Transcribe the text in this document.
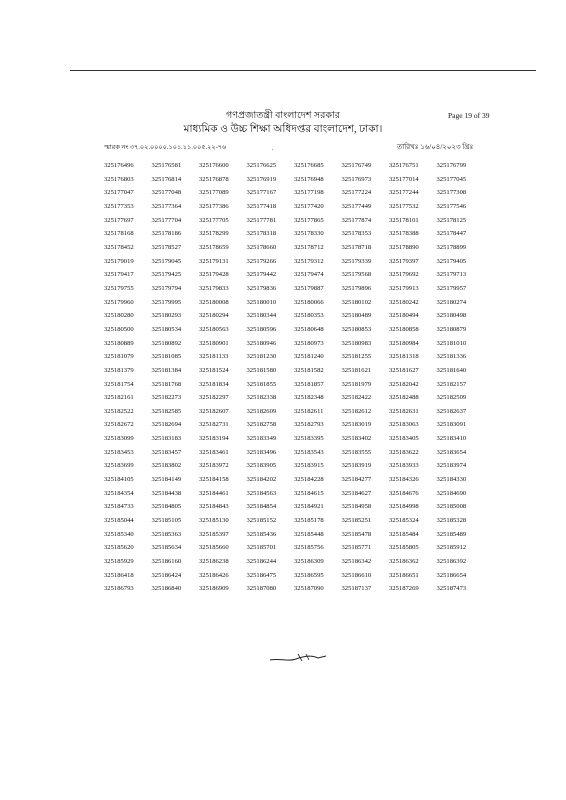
গণপ্রজাতন্ত্রী বাংলাদেশ সরকার	Page 19 of 39
মাধ্যমিক ও উচ্চ শিক্ষা অধিদপ্তর বাংলাদেশ, ঢাকা।
স্মারক নং ৩৭.০২.০০০০.১০১.১১.০০৫.২২-৭৬	তারিখঃ ১৬/০৪/২০২৩ খ্রিঃ
'
325176496	325176581	325176600	325176625	325176685	325176749	325176751	325176799
325176803	325176814	325176878	325176919	325176948	325176973	325177014	325177045
325177047	325177048	325177089	325177167	325177198	325177224	325177244	325177308
325177353	325177364	325177386	325177418	325177420	325177449	325177532	325177546
325177697	325177704	325177705	325177781	325177865	325177874	325178101	325178125
325178168	325178186	325178299	325178318	325178330	325178353	325178388	325178447
325178452	325178527	325178659	325178660	325178712	325178718	325178890	325178899
325179019	325179045	325179131	325179266	325179312	325179339	325179397	325179405
325179417	325179425	325179428	325179442	325179474	325179568	325179692	325179713
325179755	325179794	325179833	325179836	325179887	325179896	325179913	325179957
325179960	325179995	325180008	325180010	325180066	325180102	325180242	325180274
325180280	325180293	325180294	325180344	325180353	325180489	325180494	325180498
325180500	325180534	325180563	325180596	325180648	325180853	325180858	325180879
325180889	325180892	325180901	325180946	325180973	325180983	325180984	325181010
325181079	325181085	325181133	325181230	325181240	325181255	325181318	325181336
325181379	325181384	325181524	325181580	325181582	325181621	325181627	325181640
325181754	325181768	325181834	325181855	325181857	325181979	325182042	325182157
325182161	325182273	325182297	325182338	325182348	325182422	325182488	325182509
325182522	325182585	325182607	325182609	325182611	325182612	325182631	325182637
325182672	325182694	325182731	325182758	325182793	325183019	325183063	325183091
325183099	325183183	325183194	325183349	325183395	325183402	325183405	325183410
325183453	325183457	325183461	325183496	325183543	325183555	325183622	325183654
325183699	325183802	325183972	325183905	325183915	325183919	325183933	325183974
325184105	325184149	325184158	325184202	325184228	325184277	325184326	325184330
325184354	325184438	325184461	325184563	325184615	325184627	325184676	325184690
325184733	325184805	325184843	325184854	325184921	325184958	325184998	325185008
325185044	325185105	325185130	325185152	325185178	325185251	325185324	325185328
325185340	325185363	325185397	325185436	325185448	325185478	325185484	325185489
325185620	325185634	325185660	325185701	325185756	325185771	325185805	325185912
325185929	325186160	325186238	325186244	325186309	325186342	325186362	325186392
325186418	325186424	325186426	325186475	325186595	325186610	325186651	325186654
325186793	325186840	325186909	325187080	325187090	325187137	325187269	325187473
